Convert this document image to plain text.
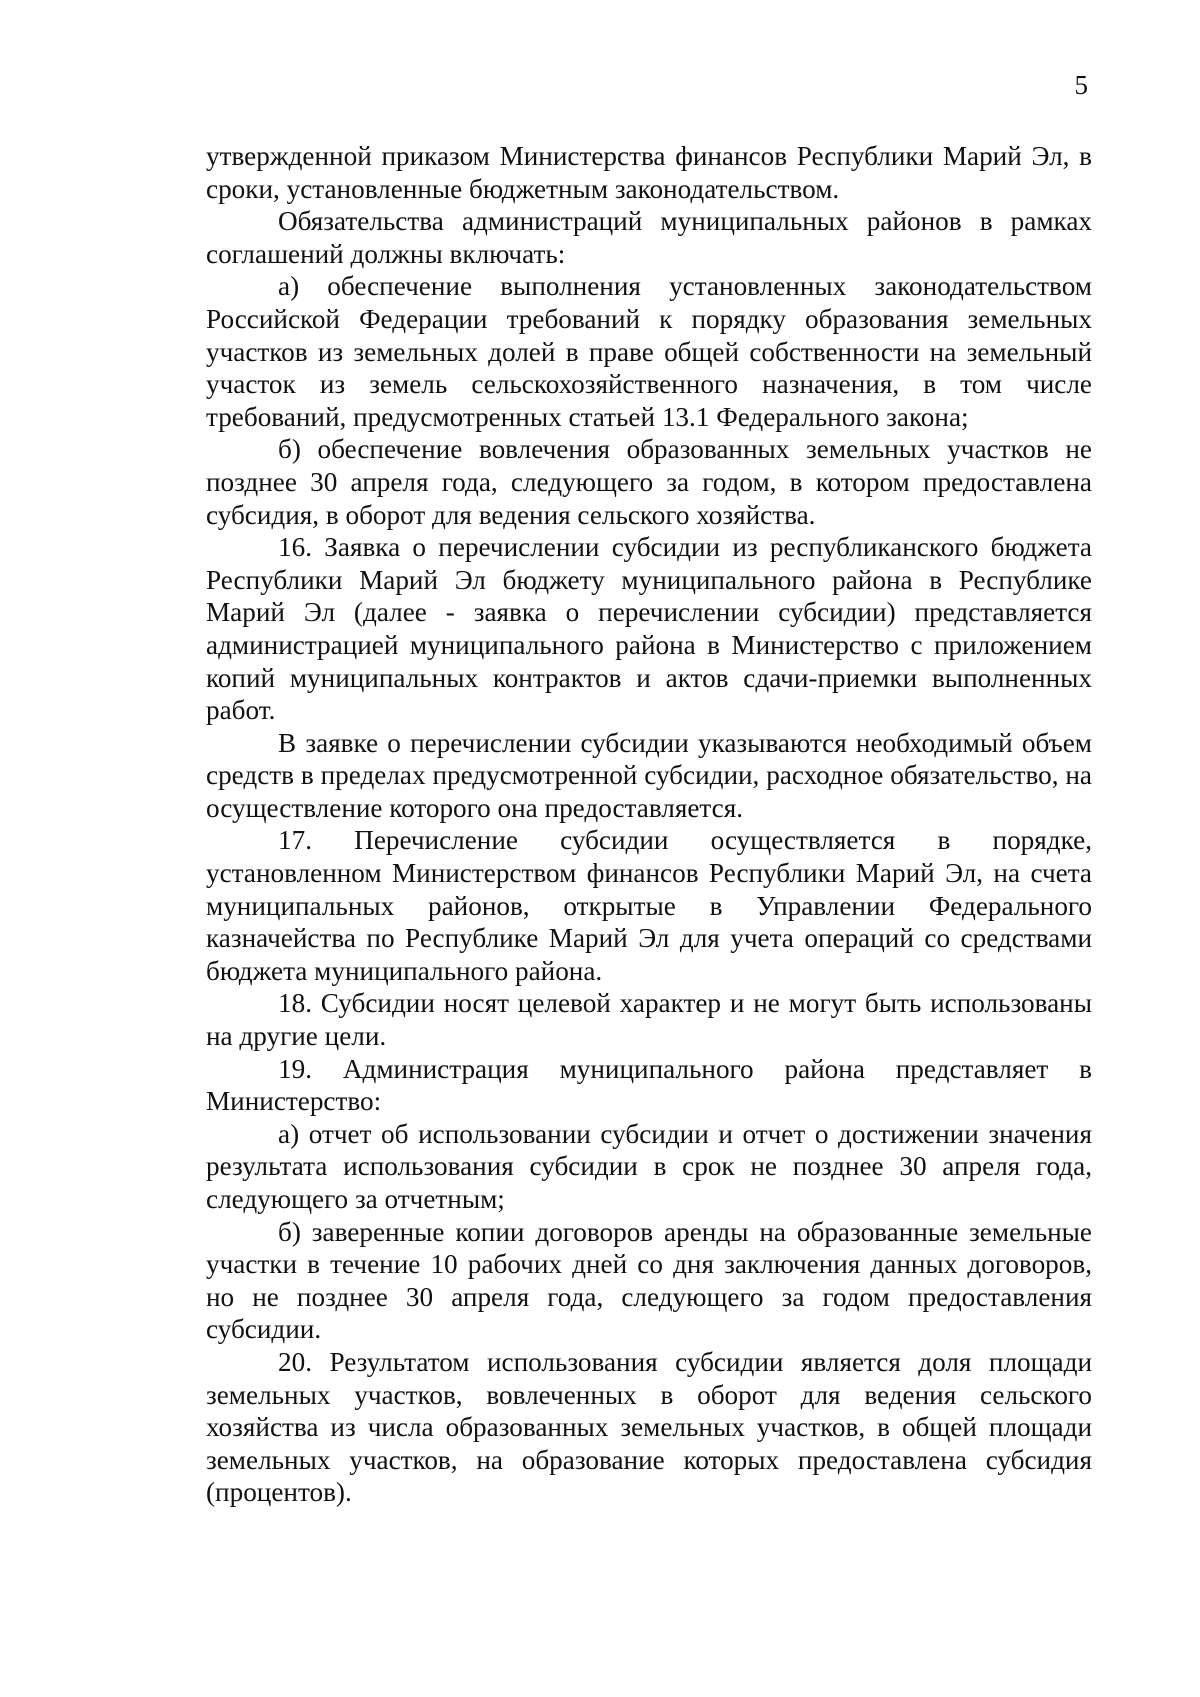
5

утвержденной приказом Министерства финансов Республики Марий Эл, в сроки, установленные бюджетным законодательством.

Обязательства администраций муниципальных районов в рамках соглашений должны включать:

а) обеспечение выполнения установленных законодательством Российской Федерации требований к порядку образования земельных участков из земельных долей в праве общей собственности на земельный участок из земель сельскохозяйственного назначения, в том числе требований, предусмотренных статьей 13.1 Федерального закона;

б) обеспечение вовлечения образованных земельных участков не позднее 30 апреля года, следующего за годом, в котором предоставлена субсидия, в оборот для ведения сельского хозяйства.

16. Заявка о перечислении субсидии из республиканского бюджета Республики Марий Эл бюджету муниципального района в Республике Марий Эл (далее - заявка о перечислении субсидии) представляется администрацией муниципального района в Министерство с приложением копий муниципальных контрактов и актов сдачи-приемки выполненных работ.

В заявке о перечислении субсидии указываются необходимый объем средств в пределах предусмотренной субсидии, расходное обязательство, на осуществление которого она предоставляется.

17. Перечисление субсидии осуществляется в порядке, установленном Министерством финансов Республики Марий Эл, на счета муниципальных районов, открытые в Управлении Федерального казначейства по Республике Марий Эл для учета операций со средствами бюджета муниципального района.

18. Субсидии носят целевой характер и не могут быть использованы на другие цели.

19. Администрация муниципального района представляет в Министерство:

а) отчет об использовании субсидии и отчет о достижении значения результата использования субсидии в срок не позднее 30 апреля года, следующего за отчетным;

б) заверенные копии договоров аренды на образованные земельные участки в течение 10 рабочих дней со дня заключения данных договоров, но не позднее 30 апреля года, следующего за годом предоставления субсидии.

20. Результатом использования субсидии является доля площади земельных участков, вовлеченных в оборот для ведения сельского хозяйства из числа образованных земельных участков, в общей площади земельных участков, на образование которых предоставлена субсидия (процентов).
